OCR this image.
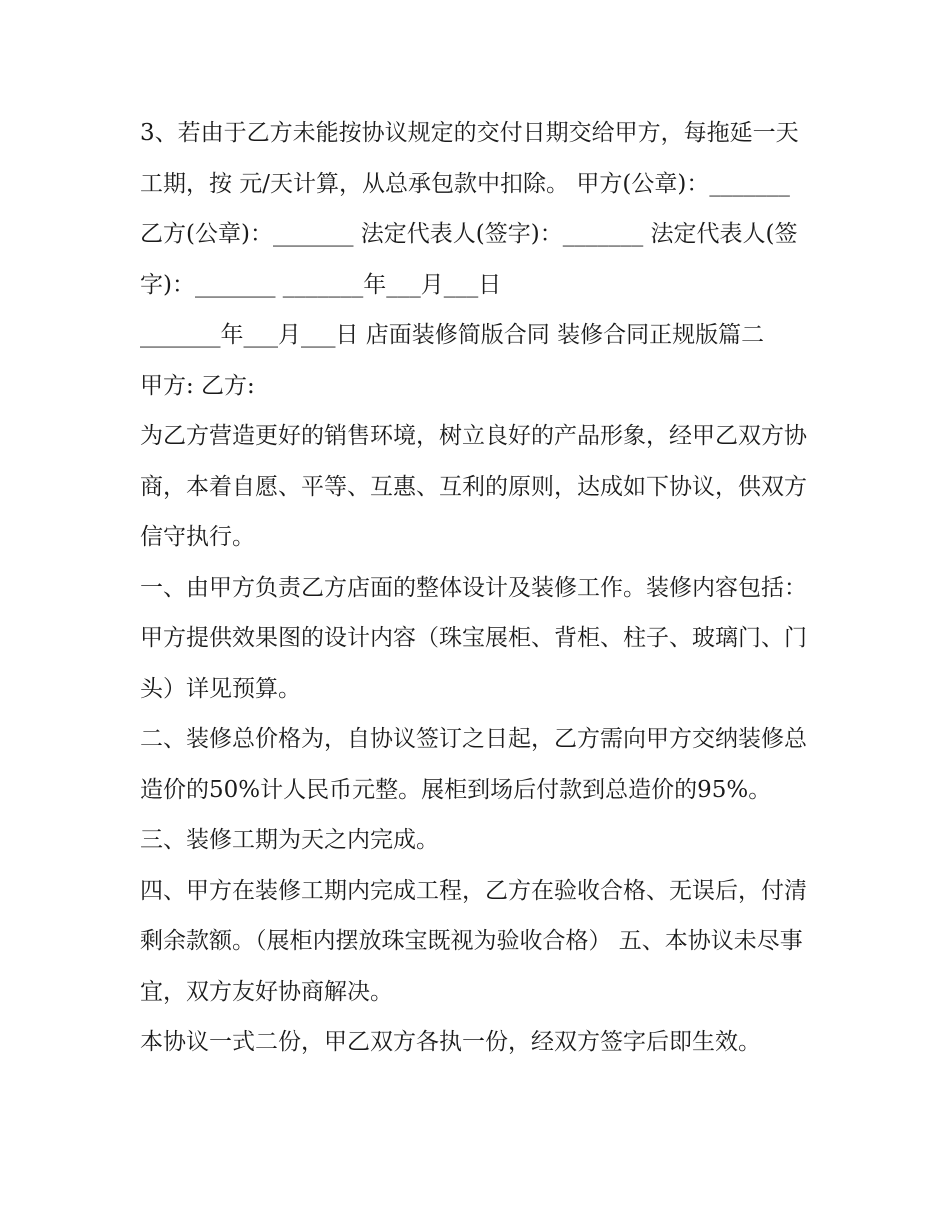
3、若由于乙方未能按协议规定的交付日期交给甲方，每拖延一天工期，按 元/天计算，从总承包款中扣除。 甲方(公章)：_______

乙方(公章)：_______ 法定代表人(签字)：_______ 法定代表人(签字)：_______ _______年___月___日

_______年___月___日 店面装修简版合同 装修合同正规版篇二

甲方: 乙方:

为乙方营造更好的销售环境，树立良好的产品形象，经甲乙双方协商，本着自愿、平等、互惠、互利的原则，达成如下协议，供双方信守执行。

一、由甲方负责乙方店面的整体设计及装修工作。装修内容包括： 甲方提供效果图的设计内容（珠宝展柜、背柜、柱子、玻璃门、门头）详见预算。

二、装修总价格为，自协议签订之日起，乙方需向甲方交纳装修总造价的50%计人民币元整。展柜到场后付款到总造价的95%。 三、装修工期为天之内完成。

四、甲方在装修工期内完成工程，乙方在验收合格、无误后，付清剩余款额。（展柜内摆放珠宝既视为验收合格） 五、本协议未尽事宜，双方友好协商解决。

本协议一式二份，甲乙双方各执一份，经双方签字后即生效。
